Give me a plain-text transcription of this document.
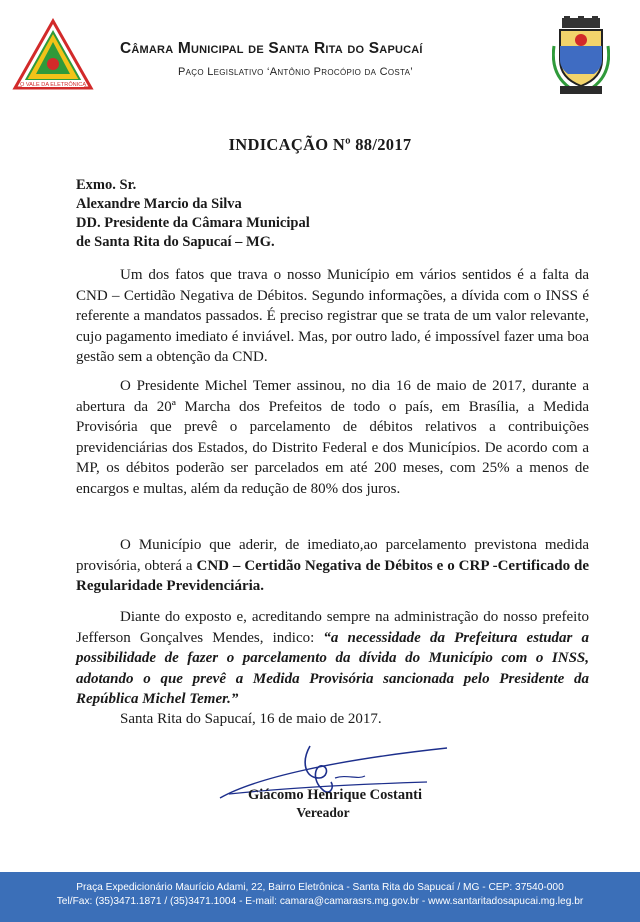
O VALE DA ELETRÔNICA
Câmara Municipal de Santa Rita do Sapucaí
Paço Legislativo ‘Antônio Procópio da Costa’
INDICAÇÃO Nº 88/2017
Exmo. Sr.
Alexandre Marcio da Silva
DD. Presidente da Câmara Municipal
de Santa Rita do Sapucaí – MG.
Um dos fatos que trava o nosso Município em vários sentidos é a falta da CND – Certidão Negativa de Débitos. Segundo informações, a dívida com o INSS é referente a mandatos passados. É preciso registrar que se trata de um valor relevante, cujo pagamento imediato é inviável. Mas, por outro lado, é impossível fazer uma boa gestão sem a obtenção da CND.
O Presidente Michel Temer assinou, no dia 16 de maio de 2017, durante a abertura da 20ª Marcha dos Prefeitos de todo o país, em Brasília, a Medida Provisória que prevê o parcelamento de débitos relativos a contribuições previdenciárias dos Estados, do Distrito Federal e dos Municípios. De acordo com a MP, os débitos poderão ser parcelados em até 200 meses, com 25% a menos de encargos e multas, além da redução de 80% dos juros.
O Município que aderir, de imediato,ao parcelamento previstona medida provisória, obterá a CND – Certidão Negativa de Débitos e o CRP -Certificado de Regularidade Previdenciária.
Diante do exposto e, acreditando sempre na administração do nosso prefeito Jefferson Gonçalves Mendes, indico: “a necessidade da Prefeitura estudar a possibilidade de fazer o parcelamento da dívida do Município com o INSS, adotando o que prevê a Medida Provisória sancionada pelo Presidente da República Michel Temer.”
Santa Rita do Sapucaí, 16 de maio de 2017.
Giácomo Henrique Costanti
Vereador
Praça Expedicionário Maurício Adami, 22, Bairro Eletrônica - Santa Rita do Sapucaí / MG - CEP: 37540-000
Tel/Fax: (35)3471.1871 / (35)3471.1004 - E-mail: camara@camarasrs.mg.gov.br - www.santaritadosapucai.mg.leg.br
